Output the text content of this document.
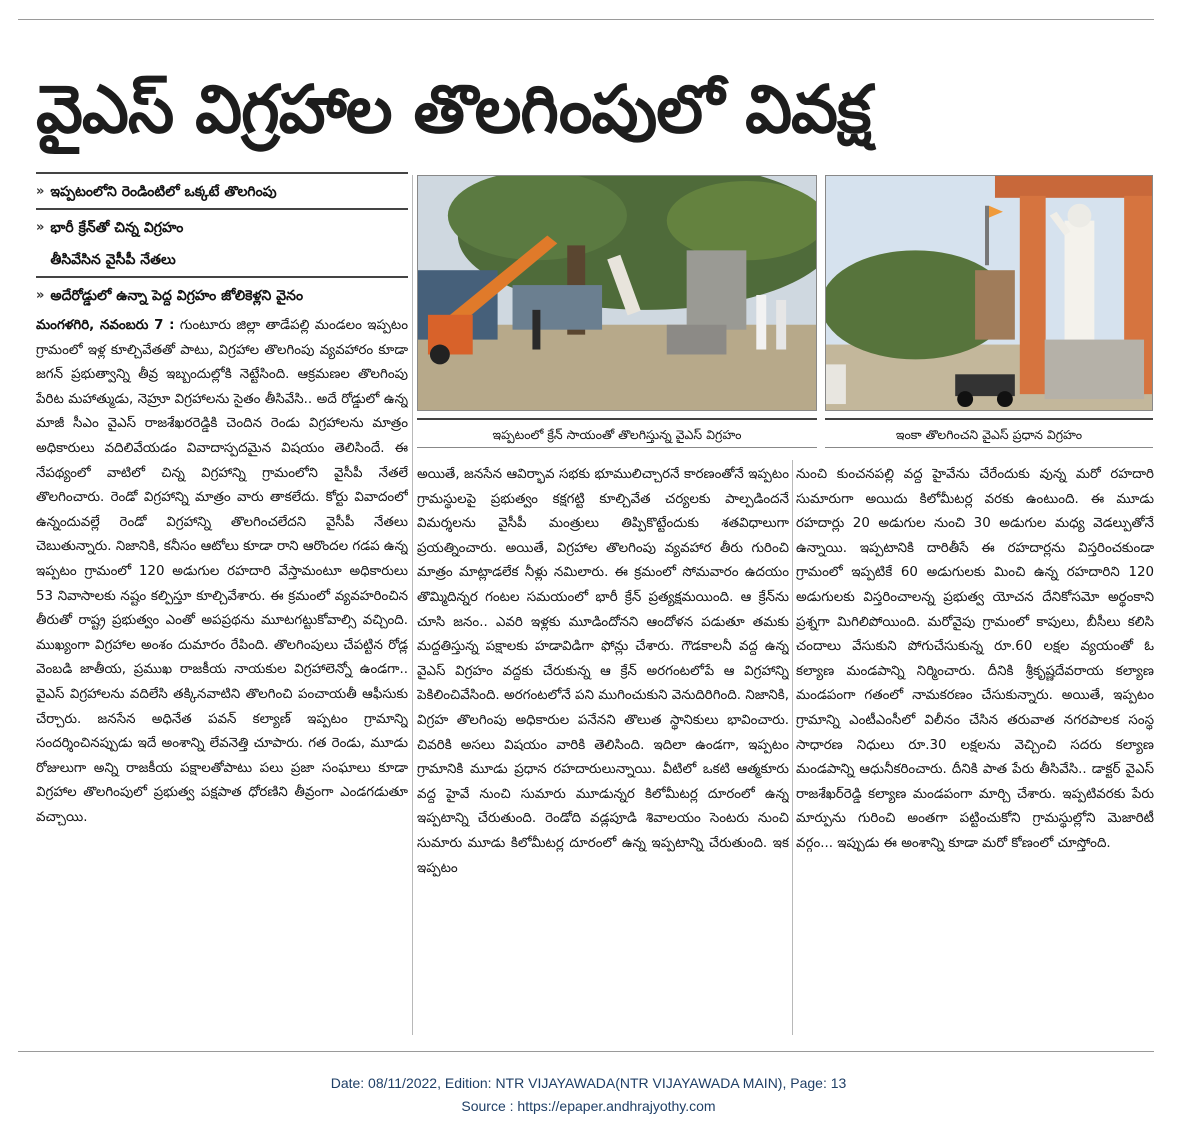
వైఎస్ విగ్రహాల తొలగింపులో వివక్ష
» ఇప్పటంలోని రెండింటిలో ఒక్కటే తొలగింపు
» భారీ క్రేన్‌తో చిన్న విగ్రహం
తీసివేసిన వైసీపీ నేతలు
» అదేరోడ్డులో ఉన్నా పెద్ద విగ్రహం జోలికెళ్లని వైనం
ఇప్పటంలో క్రేన్ సాయంతో తొలగిస్తున్న వైఎస్ విగ్రహం	ఇంకా తొలగించని వైఎస్ ప్రధాన విగ్రహం
మంగళగిరి, నవంబరు 7 : గుంటూరు జిల్లా తాడేపల్లి మండలం ఇప్పటం గ్రామంలో ఇళ్ల కూల్చివేతతో పాటు, విగ్రహాల తొలగింపు వ్యవహారం కూడా జగన్ ప్రభుత్వాన్ని తీవ్ర ఇబ్బందుల్లోకి నెట్టేసింది. ఆక్రమణల తొలగింపు పేరిట మహాత్ముడు, నెహ్రూ విగ్రహాలను సైతం తీసివేసి.. అదే రోడ్డులో ఉన్న మాజీ సీఎం వైఎస్ రాజశేఖరరెడ్డికి చెందిన రెండు విగ్రహాలను మాత్రం అధికారులు వదిలివేయడం వివాదాస్పదమైన విషయం తెలిసిందే. ఈ నేపథ్యంలో వాటిలో చిన్న విగ్రహాన్ని గ్రామంలోని వైసీపీ నేతలే తొలగించారు. రెండో విగ్రహాన్ని మాత్రం వారు తాకలేదు. కోర్టు వివాదంలో ఉన్నందువల్లే రెండో విగ్రహాన్ని తొలగించలేదని వైసీపీ నేతలు చెబుతున్నారు. నిజానికి, కనీసం ఆటోలు కూడా రాని ఆరొందల గడప ఉన్న ఇప్పటం గ్రామంలో 120 అడుగుల రహదారి వేస్తామంటూ అధికారులు 53 నివాసాలకు నష్టం కల్పిస్తూ కూల్చివేశారు. ఈ క్రమంలో వ్యవహరించిన తీరుతో రాష్ట్ర ప్రభుత్వం ఎంతో అపప్రథను మూటగట్టుకోవాల్సి వచ్చింది. ముఖ్యంగా విగ్రహాల అంశం దుమారం రేపింది. తొలగింపులు చేపట్టిన రోడ్ల వెంబడి జాతీయ, ప్రముఖ రాజకీయ నాయకుల విగ్రహాలెన్నో ఉండగా.. వైఎస్ విగ్రహాలను వదిలేసి తక్కినవాటిని తొలగించి పంచాయతీ ఆఫీసుకు చేర్చారు. జనసేన అధినేత పవన్ కల్యాణ్ ఇప్పటం గ్రామాన్ని సందర్శించినప్పుడు ఇదే అంశాన్ని లేవనెత్తి చూపారు. గత రెండు, మూడు రోజులుగా అన్ని రాజకీయ పక్షాలతోపాటు పలు ప్రజా సంఘాలు కూడా విగ్రహాల తొలగింపులో ప్రభుత్వ పక్షపాత ధోరణిని తీవ్రంగా ఎండగడుతూ వచ్చాయి.
అయితే, జనసేన ఆవిర్భావ సభకు భూములిచ్చారనే కారణంతోనే ఇప్పటం గ్రామస్థులపై ప్రభుత్వం కక్షగట్టి కూల్చివేత చర్యలకు పాల్పడిందనే విమర్శలను వైసీపీ మంత్రులు తిప్పికొట్టేందుకు శతవిధాలుగా ప్రయత్నించారు. అయితే, విగ్రహాల తొలగింపు వ్యవహార తీరు గురించి మాత్రం మాట్లాడలేక నీళ్లు నమిలారు. ఈ క్రమంలో సోమవారం ఉదయం తొమ్మిదిన్నర గంటల సమయంలో భారీ క్రేన్ ప్రత్యక్షమయింది. ఆ క్రేన్‌ను చూసి జనం.. ఎవరి ఇళ్లకు మూడిందోనని ఆందోళన పడుతూ తమకు మద్దతిస్తున్న పక్షాలకు హడావిడిగా ఫోన్లు చేశారు. గౌడకాలనీ వద్ద ఉన్న వైఎస్ విగ్రహం వద్దకు చేరుకున్న ఆ క్రేన్ అరగంటలోపే ఆ విగ్రహాన్ని పెకిలించివేసింది. అరగంటలోనే పని ముగించుకుని వెనుదిరిగింది. నిజానికి, విగ్రహ తొలగింపు అధికారుల పనేనని తొలుత స్థానికులు భావించారు. చివరికి అసలు విషయం వారికి తెలిసింది. ఇదిలా ఉండగా, ఇప్పటం గ్రామానికి మూడు ప్రధాన రహదారులున్నాయి. వీటిలో ఒకటి ఆత్మకూరు వద్ద హైవే నుంచి సుమారు మూడున్నర కిలోమీటర్ల దూరంలో ఉన్న ఇప్పటాన్ని చేరుతుంది. రెండోది వడ్లపూడి శివాలయం సెంటరు నుంచి సుమారు మూడు కిలోమీటర్ల దూరంలో ఉన్న ఇప్పటాన్ని చేరుతుంది. ఇక ఇప్పటం
నుంచి కుంచనపల్లి వద్ద హైవేను చేరేందుకు వున్న మరో రహదారి సుమారుగా అయిదు కిలోమీటర్ల వరకు ఉంటుంది. ఈ మూడు రహదార్లు 20 అడుగుల నుంచి 30 అడుగుల మధ్య వెడల్పుతోనే ఉన్నాయి. ఇప్పటానికి దారితీసే ఈ రహదార్లను విస్తరించకుండా గ్రామంలో ఇప్పటికే 60 అడుగులకు మించి ఉన్న రహదారిని 120 అడుగులకు విస్తరించాలన్న ప్రభుత్వ యోచన దేనికోసమో అర్థంకాని ప్రశ్నగా మిగిలిపోయింది. మరోవైపు గ్రామంలో కాపులు, బీసీలు కలిసి చందాలు వేసుకుని పోగుచేసుకున్న రూ.60 లక్షల వ్యయంతో ఓ కల్యాణ మండపాన్ని నిర్మించారు. దీనికి శ్రీకృష్ణదేవరాయ కల్యాణ మండపంగా గతంలో నామకరణం చేసుకున్నారు. అయితే, ఇప్పటం గ్రామాన్ని ఎంటీఎంసీలో విలీనం చేసిన తరువాత నగరపాలక సంస్థ సాధారణ నిధులు రూ.30 లక్షలను వెచ్చించి సదరు కల్యాణ మండపాన్ని ఆధునీకరించారు. దీనికి పాత పేరు తీసివేసి.. డాక్టర్ వైఎస్ రాజశేఖర్‌రెడ్డి కల్యాణ మండపంగా మార్చి చేశారు. ఇప్పటివరకు పేరు మార్పును గురించి అంతగా పట్టించుకోని గ్రామస్థుల్లోని మెజారిటీ వర్గం... ఇప్పుడు ఈ అంశాన్ని కూడా మరో కోణంలో చూస్తోంది.
Date: 08/11/2022, Edition: NTR VIJAYAWADA(NTR VIJAYAWADA MAIN), Page: 13
Source : https://epaper.andhrajyothy.com
